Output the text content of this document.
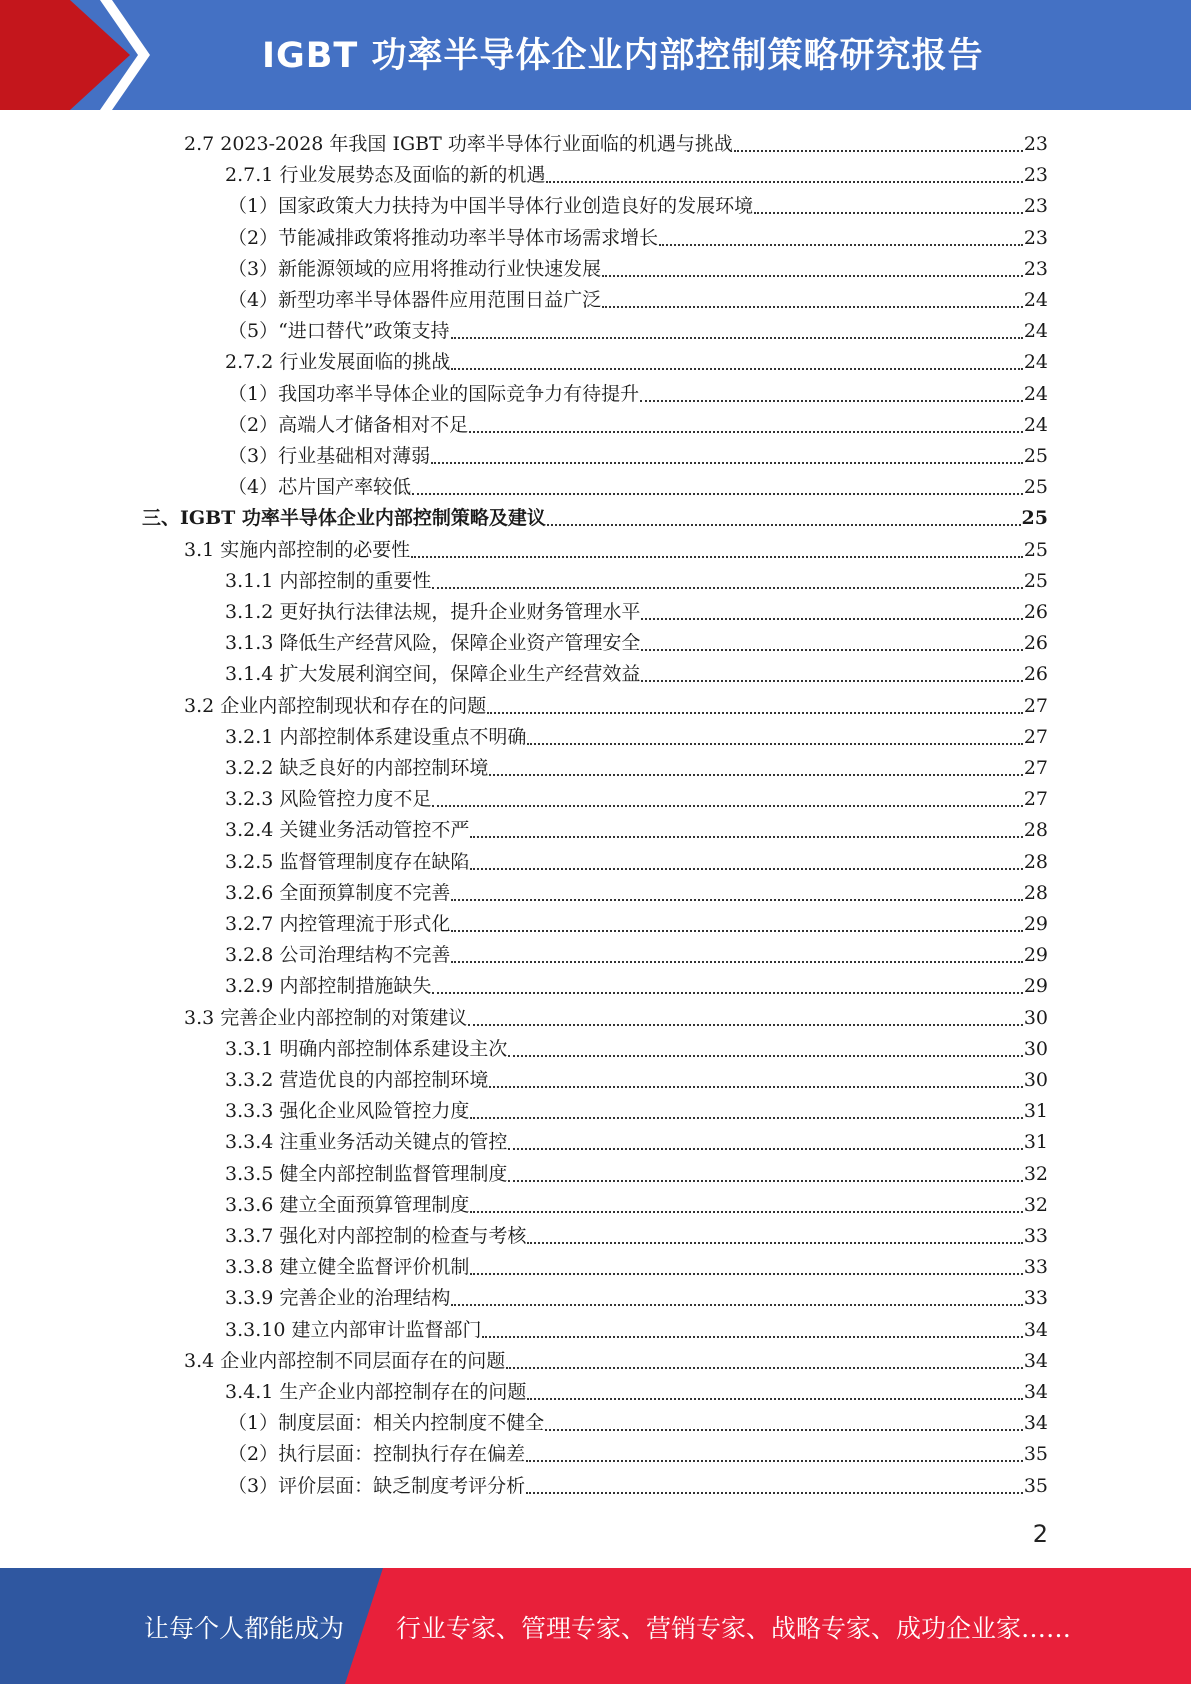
IGBT 功率半导体企业内部控制策略研究报告
2.7 2023-2028 年我国 IGBT 功率半导体行业面临的机遇与挑战	23
2.7.1 行业发展势态及面临的新的机遇	23
（1）国家政策大力扶持为中国半导体行业创造良好的发展环境	23
（2）节能减排政策将推动功率半导体市场需求增长	23
（3）新能源领域的应用将推动行业快速发展	23
（4）新型功率半导体器件应用范围日益广泛	24
（5）“进口替代”政策支持	24
2.7.2 行业发展面临的挑战	24
（1）我国功率半导体企业的国际竞争力有待提升	24
（2）高端人才储备相对不足	24
（3）行业基础相对薄弱	25
（4）芯片国产率较低	25
三、IGBT 功率半导体企业内部控制策略及建议	25
3.1 实施内部控制的必要性	25
3.1.1 内部控制的重要性	25
3.1.2 更好执行法律法规，提升企业财务管理水平	26
3.1.3 降低生产经营风险，保障企业资产管理安全	26
3.1.4 扩大发展利润空间，保障企业生产经营效益	26
3.2 企业内部控制现状和存在的问题	27
3.2.1 内部控制体系建设重点不明确	27
3.2.2 缺乏良好的内部控制环境	27
3.2.3 风险管控力度不足	27
3.2.4 关键业务活动管控不严	28
3.2.5 监督管理制度存在缺陷	28
3.2.6 全面预算制度不完善	28
3.2.7 内控管理流于形式化	29
3.2.8 公司治理结构不完善	29
3.2.9 内部控制措施缺失	29
3.3 完善企业内部控制的对策建议	30
3.3.1 明确内部控制体系建设主次	30
3.3.2 营造优良的内部控制环境	30
3.3.3 强化企业风险管控力度	31
3.3.4 注重业务活动关键点的管控	31
3.3.5 健全内部控制监督管理制度	32
3.3.6 建立全面预算管理制度	32
3.3.7 强化对内部控制的检查与考核	33
3.3.8 建立健全监督评价机制	33
3.3.9 完善企业的治理结构	33
3.3.10 建立内部审计监督部门	34
3.4 企业内部控制不同层面存在的问题	34
3.4.1 生产企业内部控制存在的问题	34
（1）制度层面：相关内控制度不健全	34
（2）执行层面：控制执行存在偏差	35
（3）评价层面：缺乏制度考评分析	35
2
让每个人都能成为 行业专家、管理专家、营销专家、战略专家、成功企业家……
